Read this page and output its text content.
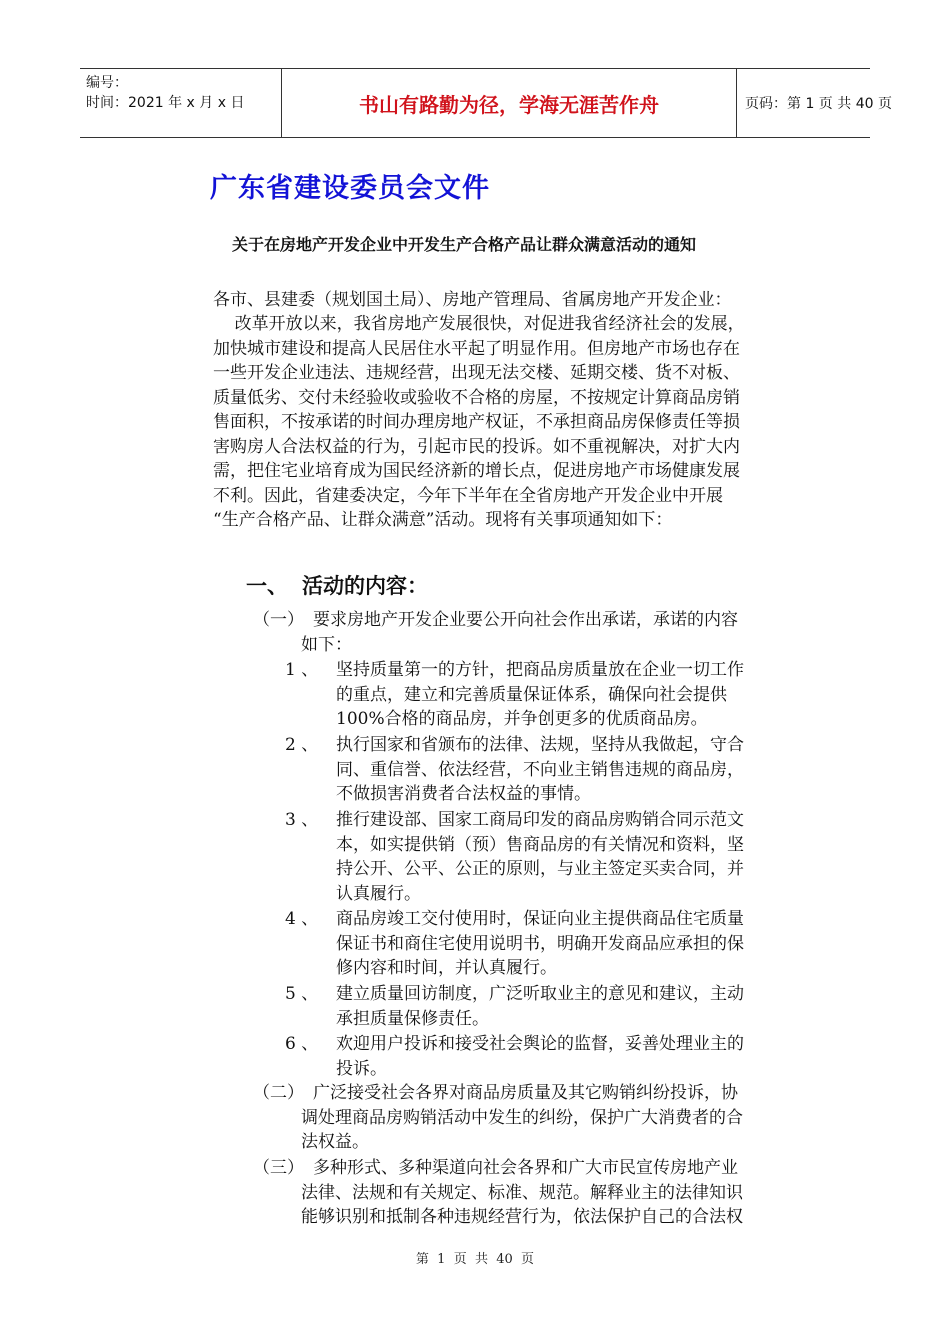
编号：
时间：2021 年 x 月 x 日	书山有路勤为径，学海无涯苦作舟	页码：第 1 页 共 40 页
广东省建设委员会文件
关于在房地产开发企业中开发生产合格产品让群众满意活动的通知
各市、县建委（规划国土局）、房地产管理局、省属房地产开发企业：
改革开放以来，我省房地产发展很快，对促进我省经济社会的发展，
加快城市建设和提高人民居住水平起了明显作用。但房地产市场也存在
一些开发企业违法、违规经营，出现无法交楼、延期交楼、货不对板、
质量低劣、交付未经验收或验收不合格的房屋，不按规定计算商品房销
售面积，不按承诺的时间办理房地产权证，不承担商品房保修责任等损
害购房人合法权益的行为，引起市民的投诉。如不重视解决，对扩大内
需，把住宅业培育成为国民经济新的增长点，促进房地产市场健康发展
不利。因此，省建委决定，今年下半年在全省房地产开发企业中开展
“生产合格产品、让群众满意”活动。现将有关事项通知如下：
一、 活动的内容：
（一） 要求房地产开发企业要公开向社会作出承诺，承诺的内容
如下：
1 、 坚持质量第一的方针，把商品房质量放在企业一切工作
的重点，建立和完善质量保证体系，确保向社会提供
100%合格的商品房，并争创更多的优质商品房。
2 、 执行国家和省颁布的法律、法规，坚持从我做起，守合
同、重信誉、依法经营，不向业主销售违规的商品房，
不做损害消费者合法权益的事情。
3 、 推行建设部、国家工商局印发的商品房购销合同示范文
本，如实提供销（预）售商品房的有关情况和资料，坚
持公开、公平、公正的原则，与业主签定买卖合同，并
认真履行。
4 、 商品房竣工交付使用时，保证向业主提供商品住宅质量
保证书和商住宅使用说明书，明确开发商品应承担的保
修内容和时间，并认真履行。
5 、 建立质量回访制度，广泛听取业主的意见和建议，主动
承担质量保修责任。
6 、 欢迎用户投诉和接受社会舆论的监督，妥善处理业主的
投诉。
（二） 广泛接受社会各界对商品房质量及其它购销纠纷投诉，协
调处理商品房购销活动中发生的纠纷，保护广大消费者的合
法权益。
（三） 多种形式、多种渠道向社会各界和广大市民宣传房地产业
法律、法规和有关规定、标准、规范。解释业主的法律知识
能够识别和抵制各种违规经营行为，依法保护自己的合法权
第  1  页  共  40  页
